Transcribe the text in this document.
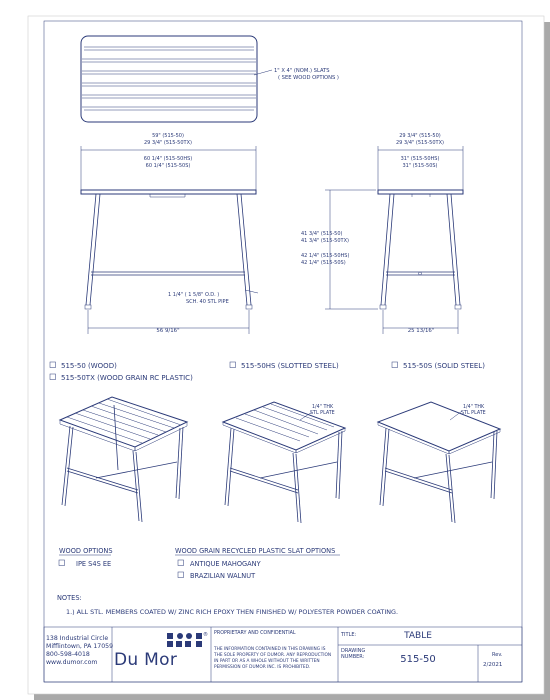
1" X 4" (NOM.) SLATS
( SEE WOOD OPTIONS )
59" (515-50)
29 3/4" (515-50TX)
60 1/4" (515-50HS)
60 1/4" (515-50S)
1 1/4" ( 1 5/8" O.D. )
SCH. 40 STL PIPE
56 9/16"
29 3/4" (515-50)
29 3/4" (515-50TX)
31" (515-50HS)
31" (515-50S)
41 3/4" (515-50)
41 3/4" (515-50TX)
42 1/4" (515-50HS)
42 1/4" (515-50S)
25 13/16"
515-50 (WOOD)
515-50TX (WOOD GRAIN RC PLASTIC)
515-50HS (SLOTTED STEEL)	515-50S (SOLID STEEL)
1/4" THK
STL PLATE
1/4" THK
STL PLATE
WOOD OPTIONS
IPE S4S EE
WOOD GRAIN RECYCLED PLASTIC SLAT OPTIONS
ANTIQUE MAHOGANY
BRAZILIAN WALNUT
NOTES:
1.) ALL STL. MEMBERS COATED W/ ZINC RICH EPOXY THEN FINISHED W/ POLYESTER POWDER COATING.
138 Industrial Circle
Mifflintown, PA 17059
800-598-4018
www.dumor.com
®
Du Mor
PROPRIETARY AND CONFIDENTIAL
THE INFORMATION CONTAINED IN THIS DRAWING IS
THE SOLE PROPERTY OF DUMOR. ANY REPRODUCTION
IN PART OR AS A WHOLE WITHOUT THE WRITTEN
PERMISSION OF DUMOR INC. IS PROHIBITED.
TITLE:	TABLE
DRAWING
NUMBER:	515-50	Rev.
2/2021
